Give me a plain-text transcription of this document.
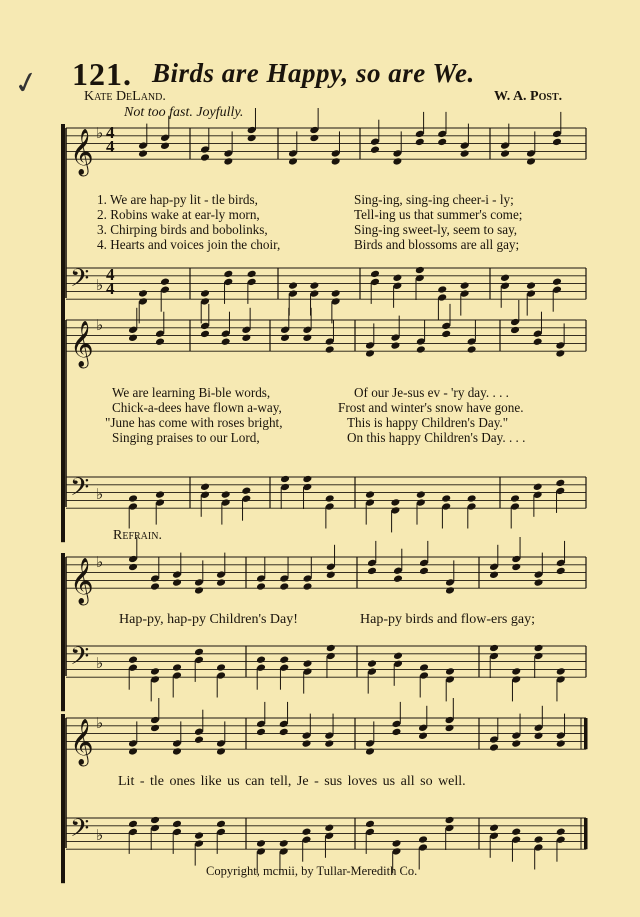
✓ 121. Birds are Happy, so are We.
Kate DeLand.	W. A. Post.
Not too fast. Joyfully.
𝄞 ♭
𝄢 ♭
𝄞 ♭
𝄢 ♭
𝄞 ♭
𝄢 ♭
𝄞 ♭
𝄢 ♭
4
4
4
4
1. We are hap-py lit - tle birds,	Sing-ing, sing-ing cheer-i - ly;
2. Robins wake at ear-ly morn,	Tell-ing us that summer's come;
3. Chirping birds and bobolinks,	Sing-ing sweet-ly, seem to say,
4. Hearts and voices join the choir,	Birds and blossoms are all gay;
We are learning Bi-ble words,	Of our Je-sus ev - 'ry day. . . .
Chick-a-dees have flown a-way,	Frost and winter's snow have gone.
"June has come with roses bright,	This is happy Children's Day."
Singing praises to our Lord,	On this happy Children's Day. . . .
Refrain.
Hap-py, hap-py Children's Day!	Hap-py birds and flow-ers gay;
Lit - tle ones like us can tell, Je - sus loves us all so well.
Copyright, mcmii, by Tullar-Meredith Co.
